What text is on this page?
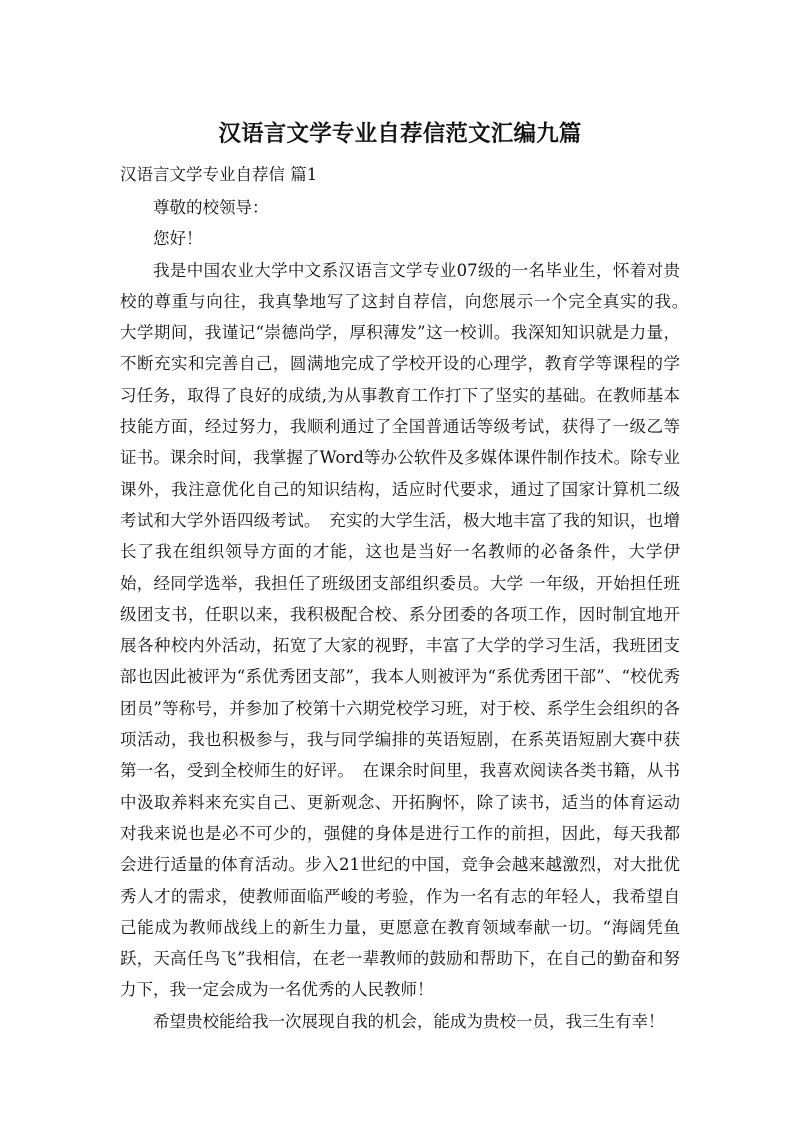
汉语言文学专业自荐信范文汇编九篇
汉语言文学专业自荐信 篇1

尊敬的校领导：

您好！

我是中国农业大学中文系汉语言文学专业07级的一名毕业生，怀着对贵校的尊重与向往，我真挚地写了这封自荐信，向您展示一个完全真实的我。　大学期间，我谨记“崇德尚学，厚积薄发”这一校训。我深知知识就是力量，不断充实和完善自己，圆满地完成了学校开设的心理学，教育学等课程的学习任务，取得了良好的成绩,为从事教育工作打下了坚实的基础。在教师基本技能方面，经过努力，我顺利通过了全国普通话等级考试，获得了一级乙等证书。课余时间，我掌握了Word等办公软件及多媒体课件制作技术。除专业课外，我注意优化自己的知识结构，适应时代要求，通过了国家计算机二级考试和大学外语四级考试。　充实的大学生活，极大地丰富了我的知识，也增长了我在组织领导方面的才能，这也是当好一名教师的必备条件，大学伊始，经同学选举，我担任了班级团支部组织委员。大学 一年级，开始担任班级团支书，任职以来，我积极配合校、系分团委的各项工作，因时制宜地开展各种校内外活动，拓宽了大家的视野，丰富了大学的学习生活，我班团支部也因此被评为“系优秀团支部”，我本人则被评为“系优秀团干部”、“校优秀团员”等称号，并参加了校第十六期党校学习班，对于校、系学生会组织的各项活动，我也积极参与，我与同学编排的英语短剧，在系英语短剧大赛中获第一名，受到全校师生的好评。　在课余时间里，我喜欢阅读各类书籍，从书中汲取养料来充实自己、更新观念、开拓胸怀，除了读书，适当的体育运动对我来说也是必不可少的，强健的身体是进行工作的前担，因此，每天我都会进行适量的体育活动。步入21世纪的中国，竞争会越来越激烈，对大批优秀人才的需求，使教师面临严峻的考验，作为一名有志的年轻人，我希望自己能成为教师战线上的新生力量，更愿意在教育领域奉献一切。“海阔凭鱼跃，天高任鸟飞”我相信，在老一辈教师的鼓励和帮助下，在自己的勤奋和努力下，我一定会成为一名优秀的人民教师！

希望贵校能给我一次展现自我的机会，能成为贵校一员，我三生有幸！
